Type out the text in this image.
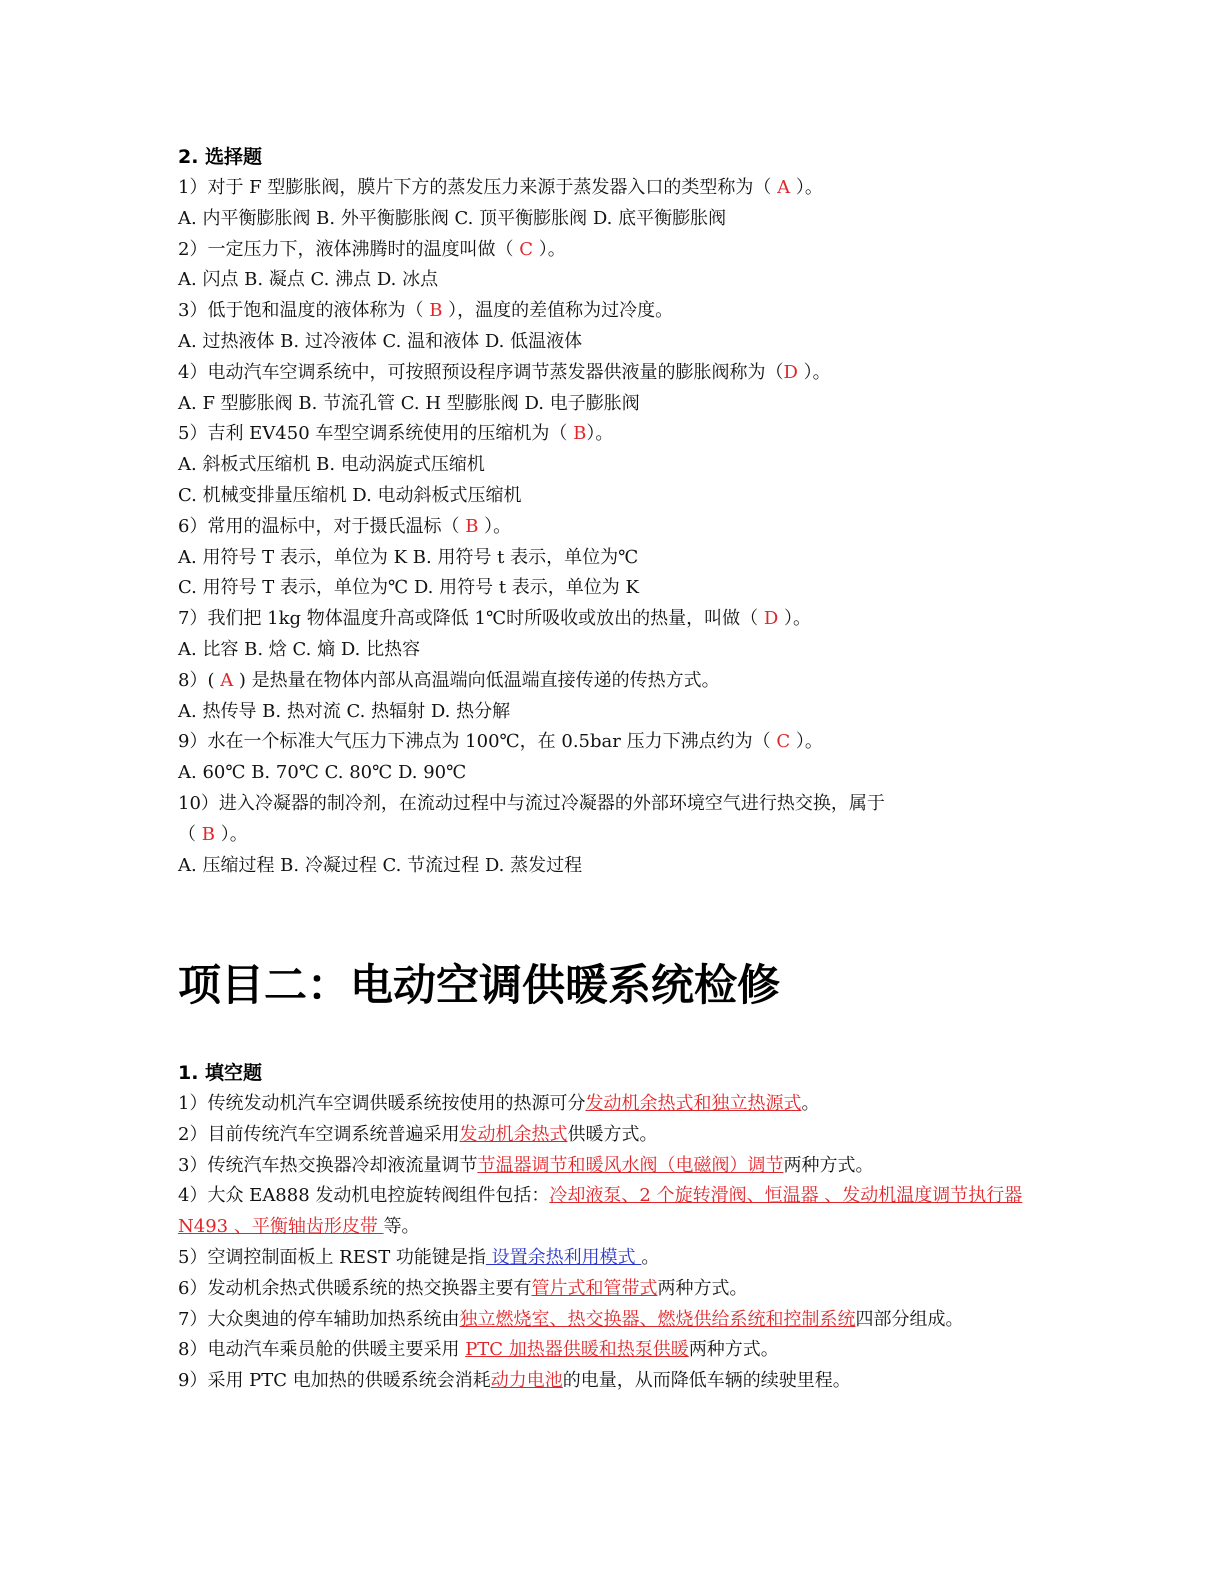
2. 选择题
1）对于 F 型膨胀阀，膜片下方的蒸发压力来源于蒸发器入口的类型称为（ A ）。
A. 内平衡膨胀阀 B. 外平衡膨胀阀 C. 顶平衡膨胀阀 D. 底平衡膨胀阀
2）一定压力下，液体沸腾时的温度叫做（ C ）。
A. 闪点 B. 凝点 C. 沸点 D. 冰点
3）低于饱和温度的液体称为（ B ），温度的差值称为过冷度。
A. 过热液体 B. 过冷液体 C. 温和液体 D. 低温液体
4）电动汽车空调系统中，可按照预设程序调节蒸发器供液量的膨胀阀称为（D ）。
A. F 型膨胀阀 B. 节流孔管 C. H 型膨胀阀 D. 电子膨胀阀
5）吉利 EV450 车型空调系统使用的压缩机为（ B）。
A. 斜板式压缩机 B. 电动涡旋式压缩机
C. 机械变排量压缩机 D. 电动斜板式压缩机
6）常用的温标中，对于摄氏温标（ B ）。
A. 用符号 T 表示，单位为 K B. 用符号 t 表示，单位为℃
C. 用符号 T 表示，单位为℃ D. 用符号 t 表示，单位为 K
7）我们把 1kg 物体温度升高或降低 1℃时所吸收或放出的热量，叫做（ D ）。
A. 比容 B. 焓 C. 熵 D. 比热容
8）( A ) 是热量在物体内部从高温端向低温端直接传递的传热方式。
A. 热传导 B. 热对流 C. 热辐射 D. 热分解
9）水在一个标准大气压力下沸点为 100℃，在 0.5bar 压力下沸点约为（ C ）。
A. 60℃ B. 70℃ C. 80℃ D. 90℃
10）进入冷凝器的制冷剂，在流动过程中与流过冷凝器的外部环境空气进行热交换，属于
（ B ）。
A. 压缩过程 B. 冷凝过程 C. 节流过程 D. 蒸发过程
项目二：电动空调供暖系统检修
1. 填空题
1）传统发动机汽车空调供暖系统按使用的热源可分发动机余热式和独立热源式。
2）目前传统汽车空调系统普遍采用发动机余热式供暖方式。
3）传统汽车热交换器冷却液流量调节节温器调节和暖风水阀（电磁阀）调节两种方式。
4）大众 EA888 发动机电控旋转阀组件包括：冷却液泵、2 个旋转滑阀、恒温器 、发动机温度调节执行器 N493 、平衡轴齿形皮带 等。
5）空调控制面板上 REST 功能键是指 设置余热利用模式 。
6）发动机余热式供暖系统的热交换器主要有管片式和管带式两种方式。
7）大众奥迪的停车辅助加热系统由独立燃烧室、热交换器、燃烧供给系统和控制系统四部分组成。
8）电动汽车乘员舱的供暖主要采用 PTC 加热器供暖和热泵供暖两种方式。
9）采用 PTC 电加热的供暖系统会消耗动力电池的电量，从而降低车辆的续驶里程。
